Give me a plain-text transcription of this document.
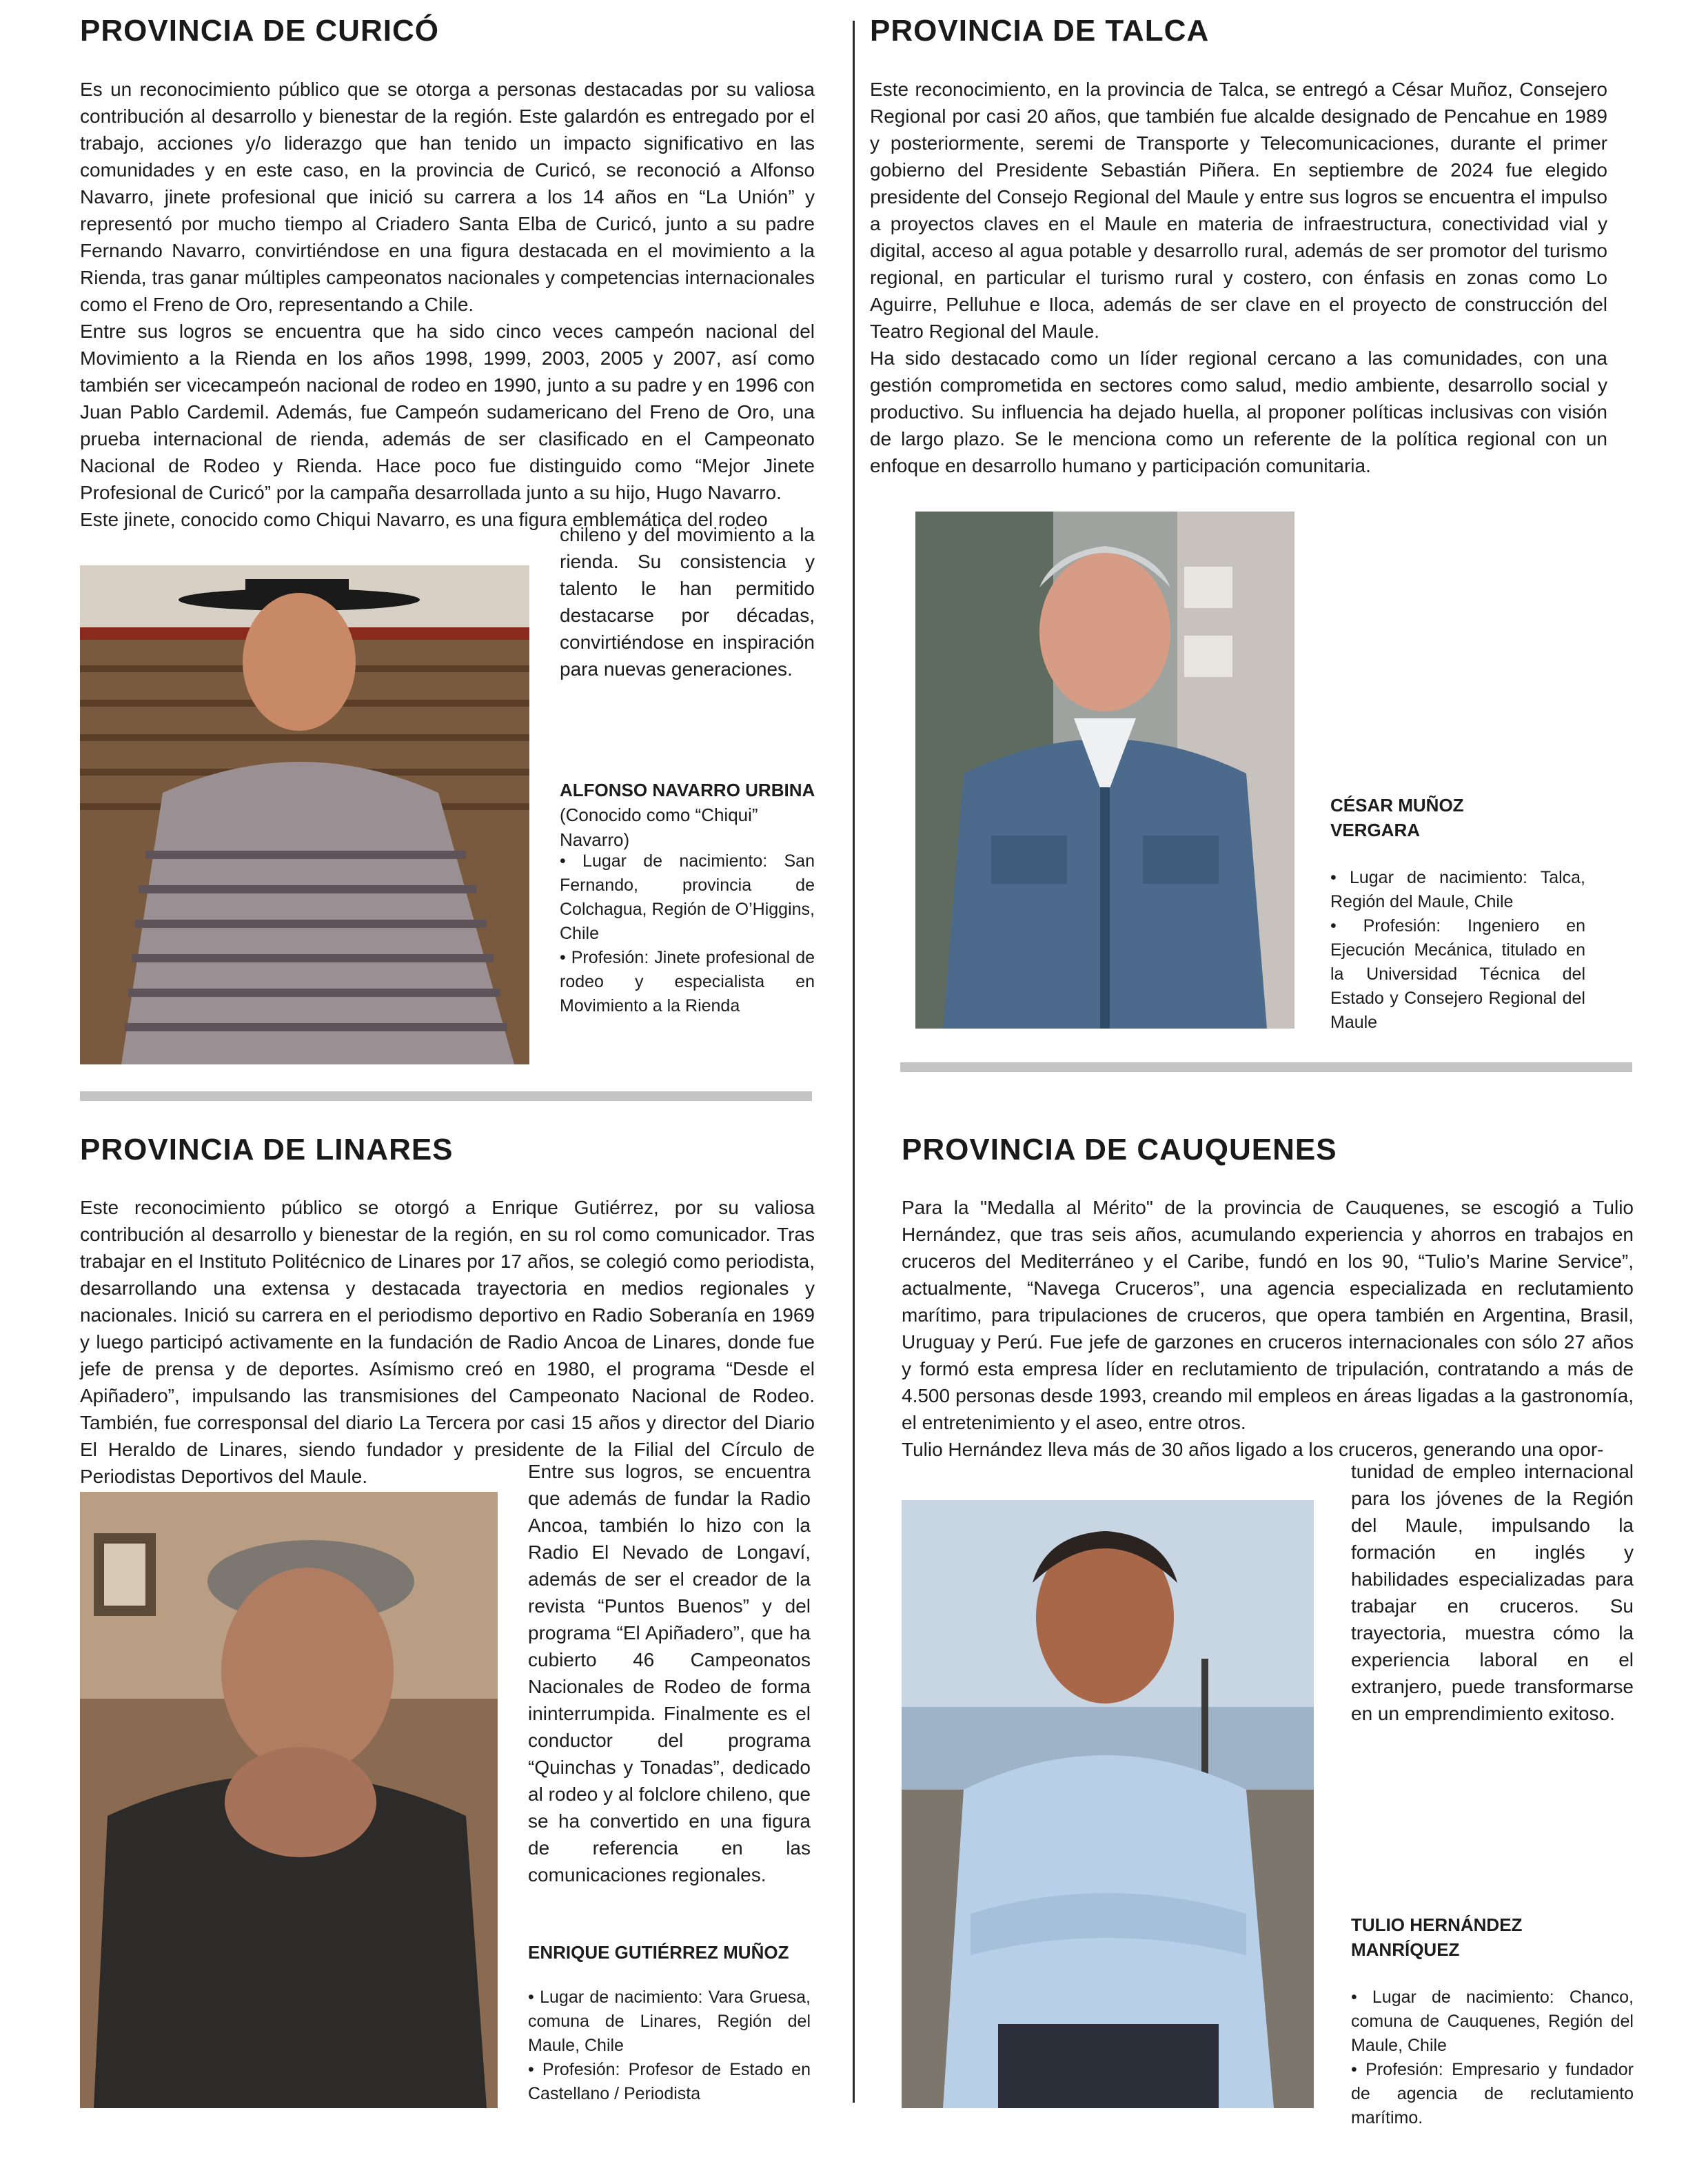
PROVINCIA DE CURICÓ

Es un reconocimiento público que se otorga a personas destacadas por su valiosa contribución al desarrollo y bienestar de la región. Este galardón es entregado por el trabajo, acciones y/o liderazgo que han tenido un impacto significativo en las comunidades y en este caso, en la provincia de Curicó, se reconoció a Alfonso Navarro, jinete profesional que inició su carrera a los 14 años en “La Unión” y representó por mucho tiempo al Criadero Santa Elba de Curicó, junto a su padre Fernando Navarro, convirtiéndose en una figura destacada en el movimiento a la Rienda, tras ganar múltiples campeonatos nacionales y competencias internacionales como el Freno de Oro, representando a Chile.

Entre sus logros se encuentra que ha sido cinco veces campeón nacional del Movimiento a la Rienda en los años 1998, 1999, 2003, 2005 y 2007, así como también ser vicecampeón nacional de rodeo en 1990, junto a su padre y en 1996 con Juan Pablo Cardemil. Además, fue Campeón sudamericano del Freno de Oro, una prueba internacional de rienda, además de ser clasificado en el Campeonato Nacional de Rodeo y Rienda. Hace poco fue distinguido como “Mejor Jinete Profesional de Curicó” por la campaña desarrollada junto a su hijo, Hugo Navarro.

Este jinete, conocido como Chiqui Navarro, es una figura emblemática del rodeo

chileno y del movimiento a la rienda. Su consistencia y talento le han permitido destacarse por décadas, convirtiéndose en inspiración para nuevas generaciones.
ALFONSO NAVARRO URBINA
(Conocido como “Chiqui” Navarro)
• Lugar de nacimiento: San Fernando, provincia de Colchagua, Región de O’Higgins, Chile
• Profesión: Jinete profesional de rodeo y especialista en Movimiento a la Rienda
PROVINCIA DE TALCA

Este reconocimiento, en la provincia de Talca, se entregó a César Muñoz, Consejero Regional por casi 20 años, que también fue alcalde designado de Pencahue en 1989 y posteriormente, seremi de Transporte y Telecomunicaciones, durante el primer gobierno del Presidente Sebastián Piñera. En septiembre de 2024 fue elegido presidente del Consejo Regional del Maule y entre sus logros se encuentra el impulso a proyectos claves en el Maule en materia de infraestructura, conectividad vial y digital, acceso al agua potable y desarrollo rural, además de ser promotor del turismo regional, en particular el turismo rural y costero, con énfasis en zonas como Lo Aguirre, Pelluhue e Iloca, además de ser clave en el proyecto de construcción del Teatro Regional del Maule.

Ha sido destacado como un líder regional cercano a las comunidades, con una gestión comprometida en sectores como salud, medio ambiente, desarrollo social y productivo. Su influencia ha dejado huella, al proponer políticas inclusivas con visión de largo plazo. Se le menciona como un referente de la política regional con un enfoque en desarrollo humano y participación comunitaria.

CÉSAR MUÑOZ
VERGARA
• Lugar de nacimiento: Talca, Región del Maule, Chile
• Profesión: Ingeniero en Ejecución Mecánica, titulado en la Universidad Técnica del Estado y Consejero Regional del Maule
PROVINCIA DE LINARES

Este reconocimiento público se otorgó a Enrique Gutiérrez, por su valiosa contribución al desarrollo y bienestar de la región, en su rol como comunicador. Tras trabajar en el Instituto Politécnico de Linares por 17 años, se colegió como periodista, desarrollando una extensa y destacada trayectoria en medios regionales y nacionales. Inició su carrera en el periodismo deportivo en Radio Soberanía en 1969 y luego participó activamente en la fundación de Radio Ancoa de Linares, donde fue jefe de prensa y de deportes. Asímismo creó en 1980, el programa “Desde el Apiñadero”, impulsando las transmisiones del Campeonato Nacional de Rodeo. También, fue corresponsal del diario La Tercera por casi 15 años y director del Diario El Heraldo de Linares, siendo fundador y presidente de la Filial del Círculo de Periodistas Deportivos del Maule.	Entre sus logros, se encuentra que además de fundar la Radio Ancoa, también lo hizo con la Radio El Nevado de Longaví, además de ser el creador de la revista “Puntos Buenos” y del programa “El Apiñadero”, que ha cubierto 46 Campeonatos Nacionales de Rodeo de forma ininterrumpida. Finalmente es el conductor del programa “Quinchas y Tonadas”, dedicado al rodeo y al folclore chileno, que se ha convertido en una figura de referencia en las comunicaciones regionales.
ENRIQUE GUTIÉRREZ MUÑOZ
• Lugar de nacimiento: Vara Gruesa, comuna de Linares, Región del Maule, Chile
• Profesión: Profesor de Estado en Castellano / Periodista
PROVINCIA DE CAUQUENES

Para la "Medalla al Mérito" de la provincia de Cauquenes, se escogió a Tulio Hernández, que tras seis años, acumulando experiencia y ahorros en trabajos en cruceros del Mediterráneo y el Caribe, fundó en los 90, “Tulio’s Marine Service”, actualmente, “Navega Cruceros”, una agencia especializada en reclutamiento marítimo, para tripulaciones de cruceros, que opera también en Argentina, Brasil, Uruguay y Perú. Fue jefe de garzones en cruceros internacionales con sólo 27 años y formó esta empresa líder en reclutamiento de tripulación, contratando a más de 4.500 personas desde 1993, creando mil empleos en áreas ligadas a la gastronomía, el entretenimiento y el aseo, entre otros.

Tulio Hernández lleva más de 30 años ligado a los cruceros, generando una opor-

tunidad de empleo internacional para los jóvenes de la Región del Maule, impulsando la formación en inglés y habilidades especializadas para trabajar en cruceros. Su trayectoria, muestra cómo la experiencia laboral en el extranjero, puede transformarse en un emprendimiento exitoso.
TULIO HERNÁNDEZ
MANRÍQUEZ
• Lugar de nacimiento: Chanco, comuna de Cauquenes, Región del Maule, Chile
• Profesión: Empresario y fundador de agencia de reclutamiento marítimo.
